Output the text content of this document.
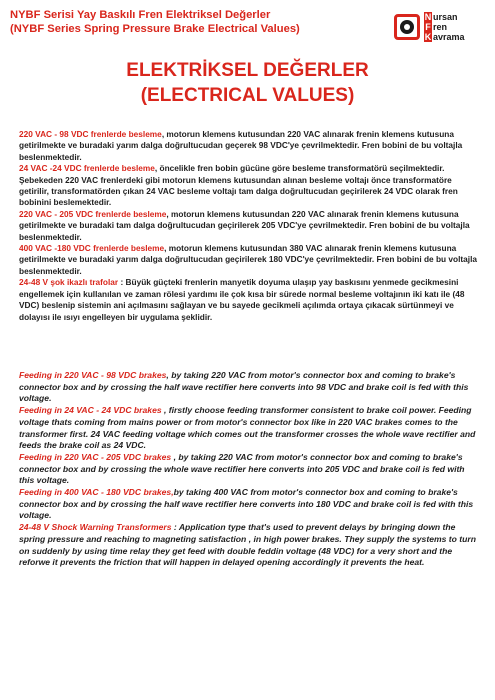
NYBF Serisi Yay Baskılı Fren Elektriksel Değerler
(NYBF Series Spring Pressure Brake Electrical Values)
N ursan
F ren
K avrama
ELEKTRİKSEL DEĞERLER
(ELECTRICAL VALUES)

220 VAC - 98 VDC frenlerde besleme, motorun klemens kutusundan 220 VAC alınarak frenin klemens kutusuna getirilmekte ve buradaki yarım dalga doğrultucudan geçerek 98 VDC'ye çevrilmektedir. Fren bobini de bu voltajla beslenmektedir.

24 VAC -24 VDC frenlerde besleme, öncelikle fren bobin gücüne göre besleme transformatörü seçilmektedir. Şebekeden 220 VAC frenlerdeki gibi motorun klemens kutusundan alınan besleme voltajı önce transformatöre getirilir, transformatörden çıkan 24 VAC besleme voltajı tam dalga doğrultucudan geçirilerek 24 VDC olarak fren bobinini beslemektedir.

220 VAC - 205 VDC frenlerde besleme, motorun klemens kutusundan 220 VAC alınarak frenin klemens kutusuna getirilmekte ve buradaki tam dalga doğrultucudan geçirilerek 205 VDC'ye çevrilmektedir. Fren bobini de bu voltajla beslenmektedir.

400 VAC -180 VDC frenlerde besleme, motorun klemens kutusundan 380 VAC alınarak frenin klemens kutusuna getirilmekte ve buradaki yarım dalga doğrultucudan geçirilerek 180 VDC'ye çevrilmektedir. Fren bobini de bu voltajla beslenmektedir.

24-48 V şok ikazlı trafolar : Büyük güçteki frenlerin manyetik doyuma ulaşıp yay baskısını yenmede gecikmesini engellemek için kullanılan ve zaman rölesi yardımı ile çok kısa bir sürede normal besleme voltajının iki katı ile (48 VDC) beslenip sistemin ani açılmasını sağlayan ve bu sayede gecikmeli açılımda ortaya çıkacak sürtünmeyi ve dolayısı ile ısıyı engelleyen bir uygulama şeklidir.

Feeding in 220 VAC - 98 VDC brakes, by taking 220 VAC from motor's connector box and coming to brake's connector box and by crossing the half wave rectifier here converts into 98 VDC and brake coil is fed with this voltage.

Feeding in 24 VAC - 24 VDC brakes , firstly choose feeding transformer consistent to brake coil power. Feeding voltage thats coming from mains power or from motor's connector box like in 220 VAC brakes comes to the transformer first. 24 VAC feeding voltage which comes out the transformer crosses the whole wave rectifier and feeds the brake coil as 24 VDC.

Feeding in 220 VAC - 205 VDC brakes , by taking 220 VAC from motor's connector box and coming to brake's connector box and by crossing the whole wave rectifier here converts into 205 VDC and brake coil is fed with this voltage.

Feeding in 400 VAC - 180 VDC brakes,by taking 400 VAC from motor's connector box and coming to brake's connector box and by crossing the half wave rectifier here converts into 180 VDC and brake coil is fed with this voltage.

24-48 V Shock Warning Transformers : Application type that's used to prevent delays by bringing down the spring pressure and reaching to magneting satisfaction , in high power brakes. They supply the systems to turn on suddenly by using time relay they get feed with double feddin voltage (48 VDC) for a very short and the reforwe it prevents the friction that will happen in delayed opening accordingly it prevents the heat.
